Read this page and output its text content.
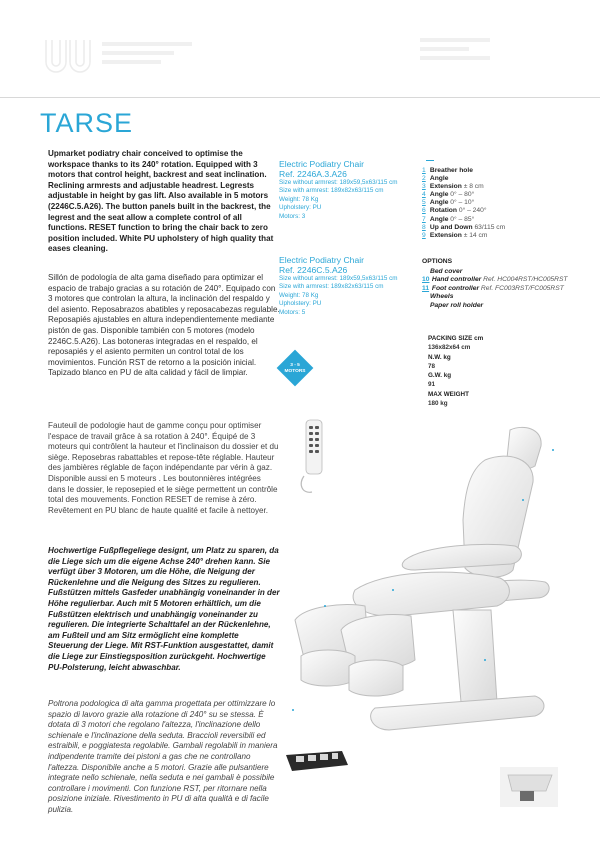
TARSE

Upmarket podiatry chair conceived to optimise the workspace thanks to its 240° rotation. Equipped with 3 motors that control height, backrest and seat inclination. Reclining armrests and adjustable headrest. Legrests adjustable in height by gas lift. Also available in 5 motors (2246C.5.A26). The button panels built in the backrest, the legrest and the seat allow a complete control of all functions. RESET function to bring the chair back to zero position included. White PU upholstery of high quality that eases cleaning.

Sillón de podología de alta gama diseñado para optimizar el espacio de trabajo gracias a su rotación de 240°. Equipado con 3 motores que controlan la altura, la inclinación del respaldo y del asiento. Reposabrazos abatibles y reposacabezas regulable. Reposapiés ajustables en altura independientemente mediante pistón de gas. Disponible también con 5 motores (modelo 2246C.5.A26). Las botoneras integradas en el respaldo, el reposapiés y el asiento permiten un control total de los movimientos. Función RST de retorno a la posición inicial. Tapizado blanco en PU de alta calidad y fácil de limpiar.

Fauteuil de podologie haut de gamme conçu pour optimiser l'espace de travail grâce à sa rotation à 240°. Équipé de 3 moteurs qui contrôlent la hauteur et l'inclinaison du dossier et du siège. Reposebras rabattables et repose-tête réglable. Hauteur des jambières réglable de façon indépendante par vérin à gaz. Disponible aussi en 5 moteurs . Les boutonnières intégrées dans le dossier, le reposepied et le siège permettent un contrôle total des mouvements. Fonction RESET de remise à zéro. Revêtement en PU blanc de haute qualité et facile à nettoyer.

Hochwertige Fußpflegeliege designt, um Platz zu sparen, da die Liege sich um die eigene Achse 240° drehen kann. Sie verfügt über 3 Motoren, um die Höhe, die Neigung der Rückenlehne und die Neigung des Sitzes zu regulieren. Fußstützen mittels Gasfeder unabhängig voneinander in der Höhe regulierbar. Auch mit 5 Motoren erhältlich, um die Fußstützen elektrisch und unabhängig voneinander zu regulieren. Die integrierte Schalttafel an der Rückenlehne, am Fußteil und am Sitz ermöglicht eine komplette Steuerung der Liege. Mit RST-Funktion ausgestattet, damit die Liege zur Einstiegsposition zurückgeht. Hochwertige PU-Polsterung, leicht abwaschbar.

Poltrona podologica di alta gamma progettata per ottimizzare lo spazio di lavoro grazie alla rotazione di 240° su se stessa. È dotata di 3 motori che regolano l'altezza, l'inclinazione dello schienale e l'inclinazione della seduta. Braccioli reversibili ed estraibili, e poggiatesta regolabile. Gambali regolabili in maniera indipendente tramite dei pistoni a gas che ne controllano l'altezza. Disponibile anche a 5 motori. Grazie alle pulsantiere integrate nello schienale, nella seduta e nei gambali è possibile controllare i movimenti. Con funzione RST, per ritornare nella posizione iniziale. Rivestimento in PU di alta qualità e di facile pulizia.

Electric Podiatry Chair
Ref. 2246A.3.A26
Size without armrest: 189x59,5x63/115 cm
Size with armrest: 189x82x63/115 cm
Weight: 78 Kg
Upholstery: PU
Motors: 3
Electric Podiatry Chair
Ref. 2246C.5.A26
Size without armrest: 189x59,5x63/115 cm
Size with armrest: 189x82x63/115 cm
Weight: 78 Kg
Upholstery: PU
Motors: 5
3 - 5
MOTORS
1 Breather hole
2 Angle
3 Extension ± 8 cm
4 Angle 0° – 80°
5 Angle 0° – 10°
6 Rotation 0° – 240°
7 Angle 0° – 85°
8 Up and Down 63/115 cm
9 Extension ± 14 cm
OPTIONS
Bed cover
10 Hand controller Ref. HC004RST/HC005RST
11 Foot controller Ref. FC003RST/FC005RST
Wheels
Paper roll holder
PACKING SIZE cm
136x82x64 cm
N.W. kg
78
G.W. kg
91
MAX WEIGHT
180 kg
